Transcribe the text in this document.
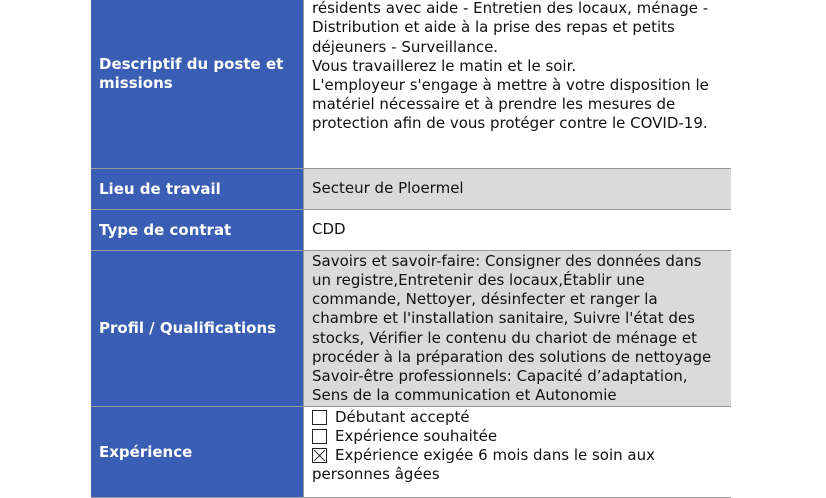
Descriptif du poste et missions
résidents avec aide - Entretien des locaux, ménage -
Distribution et aide à la prise des repas et petits
déjeuners - Surveillance.
Vous travaillerez le matin et le soir.
L'employeur s'engage à mettre à votre disposition le
matériel nécessaire et à prendre les mesures de
protection afin de vous protéger contre le COVID-19.
Lieu de travail	Secteur de Ploermel
Type de contrat	CDD
Profil / Qualifications
Savoirs et savoir-faire: Consigner des données dans
un registre,Entretenir des locaux,Établir une
commande, Nettoyer, désinfecter et ranger la
chambre et l'installation sanitaire, Suivre l'état des
stocks, Vérifier le contenu du chariot de ménage et
procéder à la préparation des solutions de nettoyage
Savoir-être professionnels: Capacité d’adaptation,
Sens de la communication et Autonomie
Expérience
Débutant accepté
Expérience souhaitée
Expérience exigée 6 mois dans le soin aux
personnes âgées
